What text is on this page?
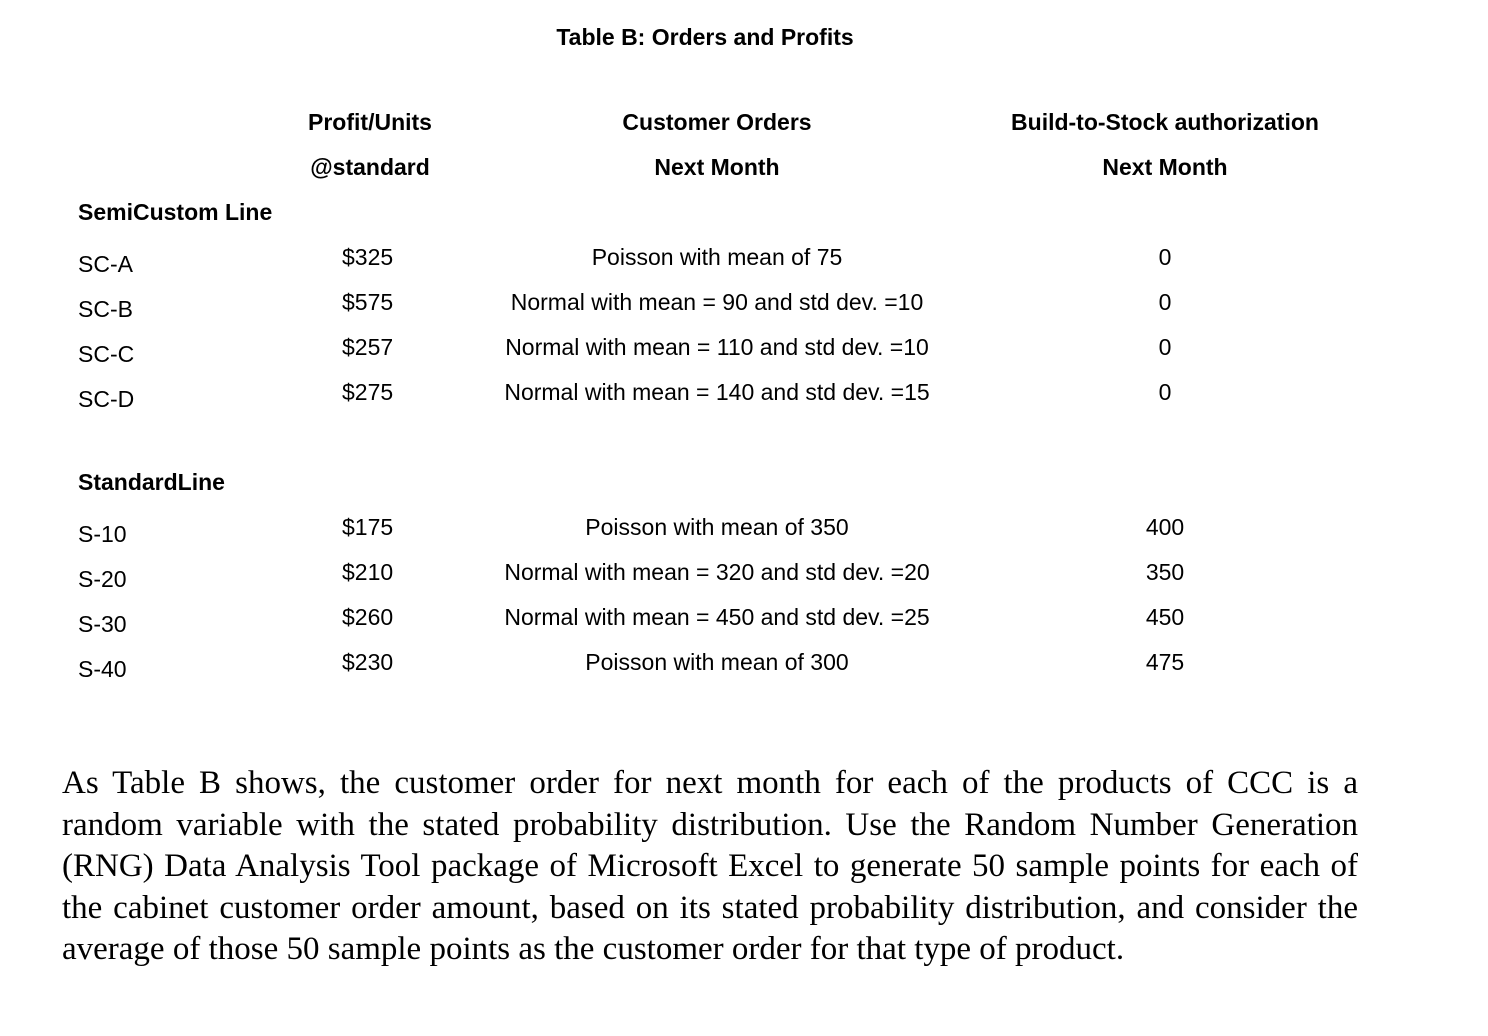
Table B: Orders and Profits
Profit/Units
@standard
Customer Orders
Next Month
Build-to-Stock authorization
Next Month
SemiCustom Line
SC-A	$325	Poisson with mean of 75	0
SC-B	$575	Normal with mean = 90 and std dev. =10	0
SC-C	$257	Normal with mean = 110 and std dev. =10	0
SC-D	$275	Normal with mean = 140 and std dev. =15	0
StandardLine
S-10	$175	Poisson with mean of 350	400
S-20	$210	Normal with mean = 320 and std dev. =20	350
S-30	$260	Normal with mean = 450 and std dev. =25	450
S-40	$230	Poisson with mean of 300	475

As Table B shows, the customer order for next month for each of the products of CCC is a random variable with the stated probability distribution. Use the Random Number Generation (RNG) Data Analysis Tool package of Microsoft Excel to generate 50 sample points for each of the cabinet customer order amount, based on its stated probability distribution, and consider the average of those 50 sample points as the customer order for that type of product.
